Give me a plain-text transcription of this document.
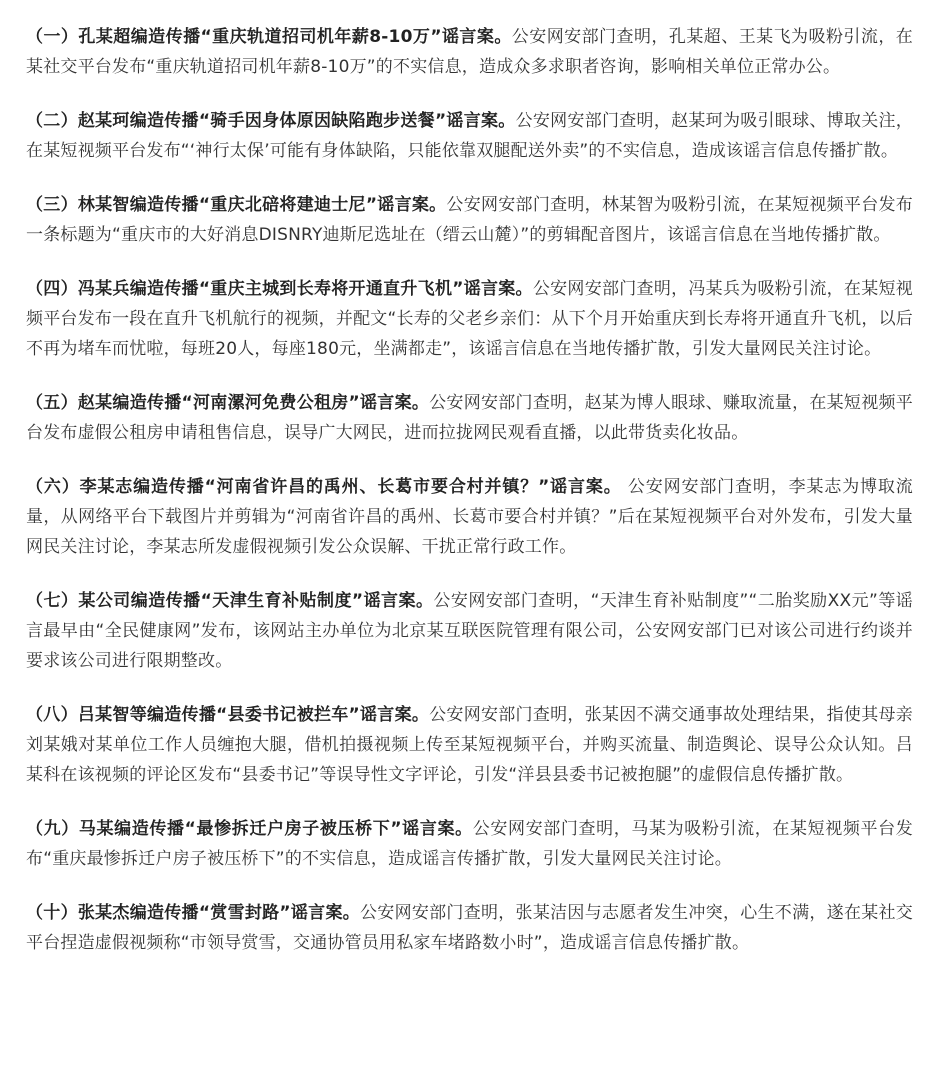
（一）孔某超编造传播“重庆轨道招司机年薪8-10万”谣言案。公安网安部门查明，孔某超、王某飞为吸粉引流，在某社交平台发布“重庆轨道招司机年薪8-10万”的不实信息，造成众多求职者咨询，影响相关单位正常办公。

（二）赵某珂编造传播“骑手因身体原因缺陷跑步送餐”谣言案。公安网安部门查明，赵某珂为吸引眼球、博取关注，在某短视频平台发布“‘神行太保’可能有身体缺陷，只能依靠双腿配送外卖”的不实信息，造成该谣言信息传播扩散。

（三）林某智编造传播“重庆北碚将建迪士尼”谣言案。公安网安部门查明，林某智为吸粉引流，在某短视频平台发布一条标题为“重庆市的大好消息DISNRY迪斯尼选址在（缙云山麓）”的剪辑配音图片，该谣言信息在当地传播扩散。

（四）冯某兵编造传播“重庆主城到长寿将开通直升飞机”谣言案。公安网安部门查明，冯某兵为吸粉引流，在某短视频平台发布一段在直升飞机航行的视频，并配文“长寿的父老乡亲们：从下个月开始重庆到长寿将开通直升飞机，以后不再为堵车而忧啦，每班20人，每座180元，坐满都走”，该谣言信息在当地传播扩散，引发大量网民关注讨论。

（五）赵某编造传播“河南漯河免费公租房”谣言案。公安网安部门查明，赵某为博人眼球、赚取流量，在某短视频平台发布虚假公租房申请租售信息，误导广大网民，进而拉拢网民观看直播，以此带货卖化妆品。

（六）李某志编造传播“河南省许昌的禹州、长葛市要合村并镇？”谣言案。 公安网安部门查明，李某志为博取流量，从网络平台下载图片并剪辑为“河南省许昌的禹州、长葛市要合村并镇？”后在某短视频平台对外发布，引发大量网民关注讨论，李某志所发虚假视频引发公众误解、干扰正常行政工作。

（七）某公司编造传播“天津生育补贴制度”谣言案。公安网安部门查明，“天津生育补贴制度”“二胎奖励XX元”等谣言最早由“全民健康网”发布，该网站主办单位为北京某互联医院管理有限公司，公安网安部门已对该公司进行约谈并要求该公司进行限期整改。

（八）吕某智等编造传播“县委书记被拦车”谣言案。公安网安部门查明，张某因不满交通事故处理结果，指使其母亲刘某娥对某单位工作人员缠抱大腿，借机拍摄视频上传至某短视频平台，并购买流量、制造舆论、误导公众认知。吕某科在该视频的评论区发布“县委书记”等误导性文字评论，引发“洋县县委书记被抱腿”的虚假信息传播扩散。

（九）马某编造传播“最惨拆迁户房子被压桥下”谣言案。公安网安部门查明，马某为吸粉引流，在某短视频平台发布“重庆最惨拆迁户房子被压桥下”的不实信息，造成谣言传播扩散，引发大量网民关注讨论。

（十）张某杰编造传播“赏雪封路”谣言案。公安网安部门查明，张某洁因与志愿者发生冲突，心生不满，遂在某社交平台捏造虚假视频称“市领导赏雪，交通协管员用私家车堵路数小时”，造成谣言信息传播扩散。
